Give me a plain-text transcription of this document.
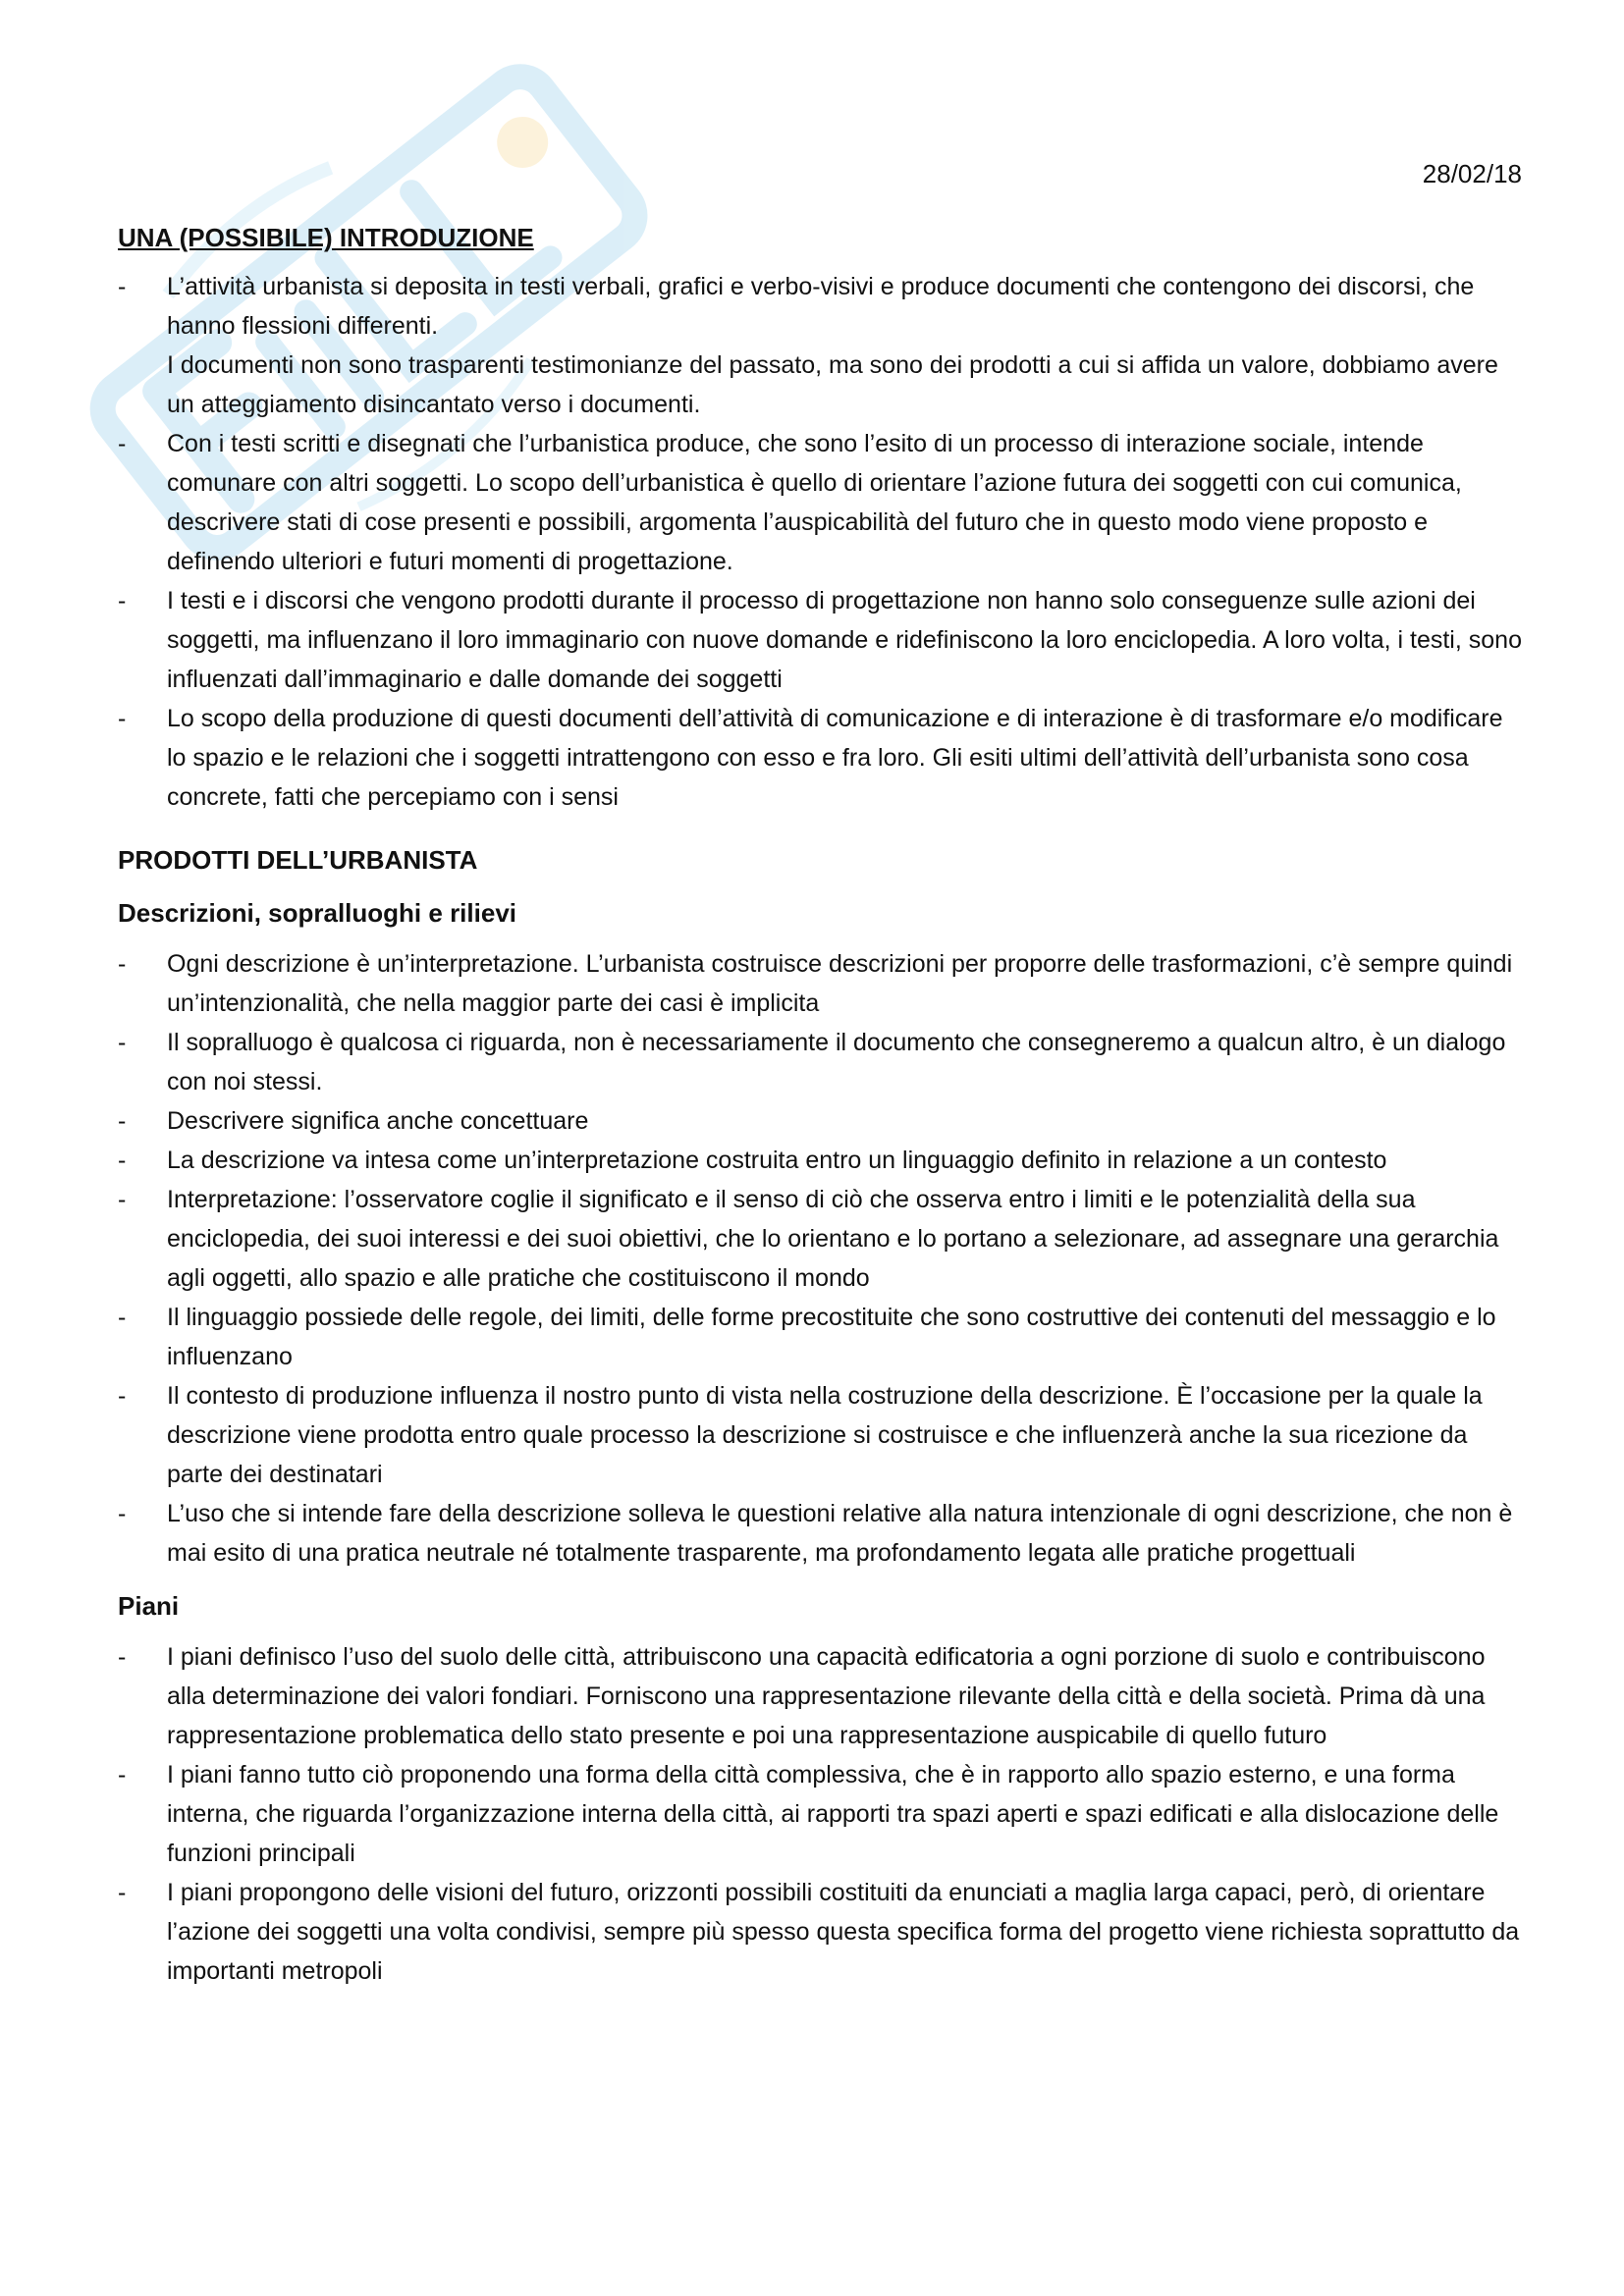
28/02/18
UNA (POSSIBILE) INTRODUZIONE
- L’attività urbanista si deposita in testi verbali, grafici e verbo-visivi e produce documenti che contengono dei discorsi, che hanno flessioni differenti.
I documenti non sono trasparenti testimonianze del passato, ma sono dei prodotti a cui si affida un valore, dobbiamo avere un atteggiamento disincantato verso i documenti.
- Con i testi scritti e disegnati che l’urbanistica produce, che sono l’esito di un processo di interazione sociale, intende comunare con altri soggetti. Lo scopo dell’urbanistica è quello di orientare l’azione futura dei soggetti con cui comunica, descrivere stati di cose presenti e possibili, argomenta l’auspicabilità del futuro che in questo modo viene proposto e definendo ulteriori e futuri momenti di progettazione.
- I testi e i discorsi che vengono prodotti durante il processo di progettazione non hanno solo conseguenze sulle azioni dei soggetti, ma influenzano il loro immaginario con nuove domande e ridefiniscono la loro enciclopedia. A loro volta, i testi, sono influenzati dall’immaginario e dalle domande dei soggetti
- Lo scopo della produzione di questi documenti dell’attività di comunicazione e di interazione è di trasformare e/o modificare lo spazio e le relazioni che i soggetti intrattengono con esso e fra loro. Gli esiti ultimi dell’attività dell’urbanista sono cosa concrete, fatti che percepiamo con i sensi
PRODOTTI DELL’URBANISTA
Descrizioni, sopralluoghi e rilievi
- Ogni descrizione è un’interpretazione. L’urbanista costruisce descrizioni per proporre delle trasformazioni, c’è sempre quindi un’intenzionalità, che nella maggior parte dei casi è implicita
- Il sopralluogo è qualcosa ci riguarda, non è necessariamente il documento che consegneremo a qualcun altro, è un dialogo con noi stessi.
- Descrivere significa anche concettuare
- La descrizione va intesa come un’interpretazione costruita entro un linguaggio definito in relazione a un contesto
- Interpretazione: l’osservatore coglie il significato e il senso di ciò che osserva entro i limiti e le potenzialità della sua enciclopedia, dei suoi interessi e dei suoi obiettivi, che lo orientano e lo portano a selezionare, ad assegnare una gerarchia agli oggetti, allo spazio e alle pratiche che costituiscono il mondo
- Il linguaggio possiede delle regole, dei limiti, delle forme precostituite che sono costruttive dei contenuti del messaggio e lo influenzano
- Il contesto di produzione influenza il nostro punto di vista nella costruzione della descrizione. È l’occasione per la quale la descrizione viene prodotta entro quale processo la descrizione si costruisce e che influenzerà anche la sua ricezione da parte dei destinatari
- L’uso che si intende fare della descrizione solleva le questioni relative alla natura intenzionale di ogni descrizione, che non è mai esito di una pratica neutrale né totalmente trasparente, ma profondamento legata alle pratiche progettuali
Piani
- I piani definisco l’uso del suolo delle città, attribuiscono una capacità edificatoria a ogni porzione di suolo e contribuiscono alla determinazione dei valori fondiari. Forniscono una rappresentazione rilevante della città e della società. Prima dà una rappresentazione problematica dello stato presente e poi una rappresentazione auspicabile di quello futuro
- I piani fanno tutto ciò proponendo una forma della città complessiva, che è in rapporto allo spazio esterno, e una forma interna, che riguarda l’organizzazione interna della città, ai rapporti tra spazi aperti e spazi edificati e alla dislocazione delle funzioni principali
- I piani propongono delle visioni del futuro, orizzonti possibili costituiti da enunciati a maglia larga capaci, però, di orientare l’azione dei soggetti una volta condivisi, sempre più spesso questa specifica forma del progetto viene richiesta soprattutto da importanti metropoli
